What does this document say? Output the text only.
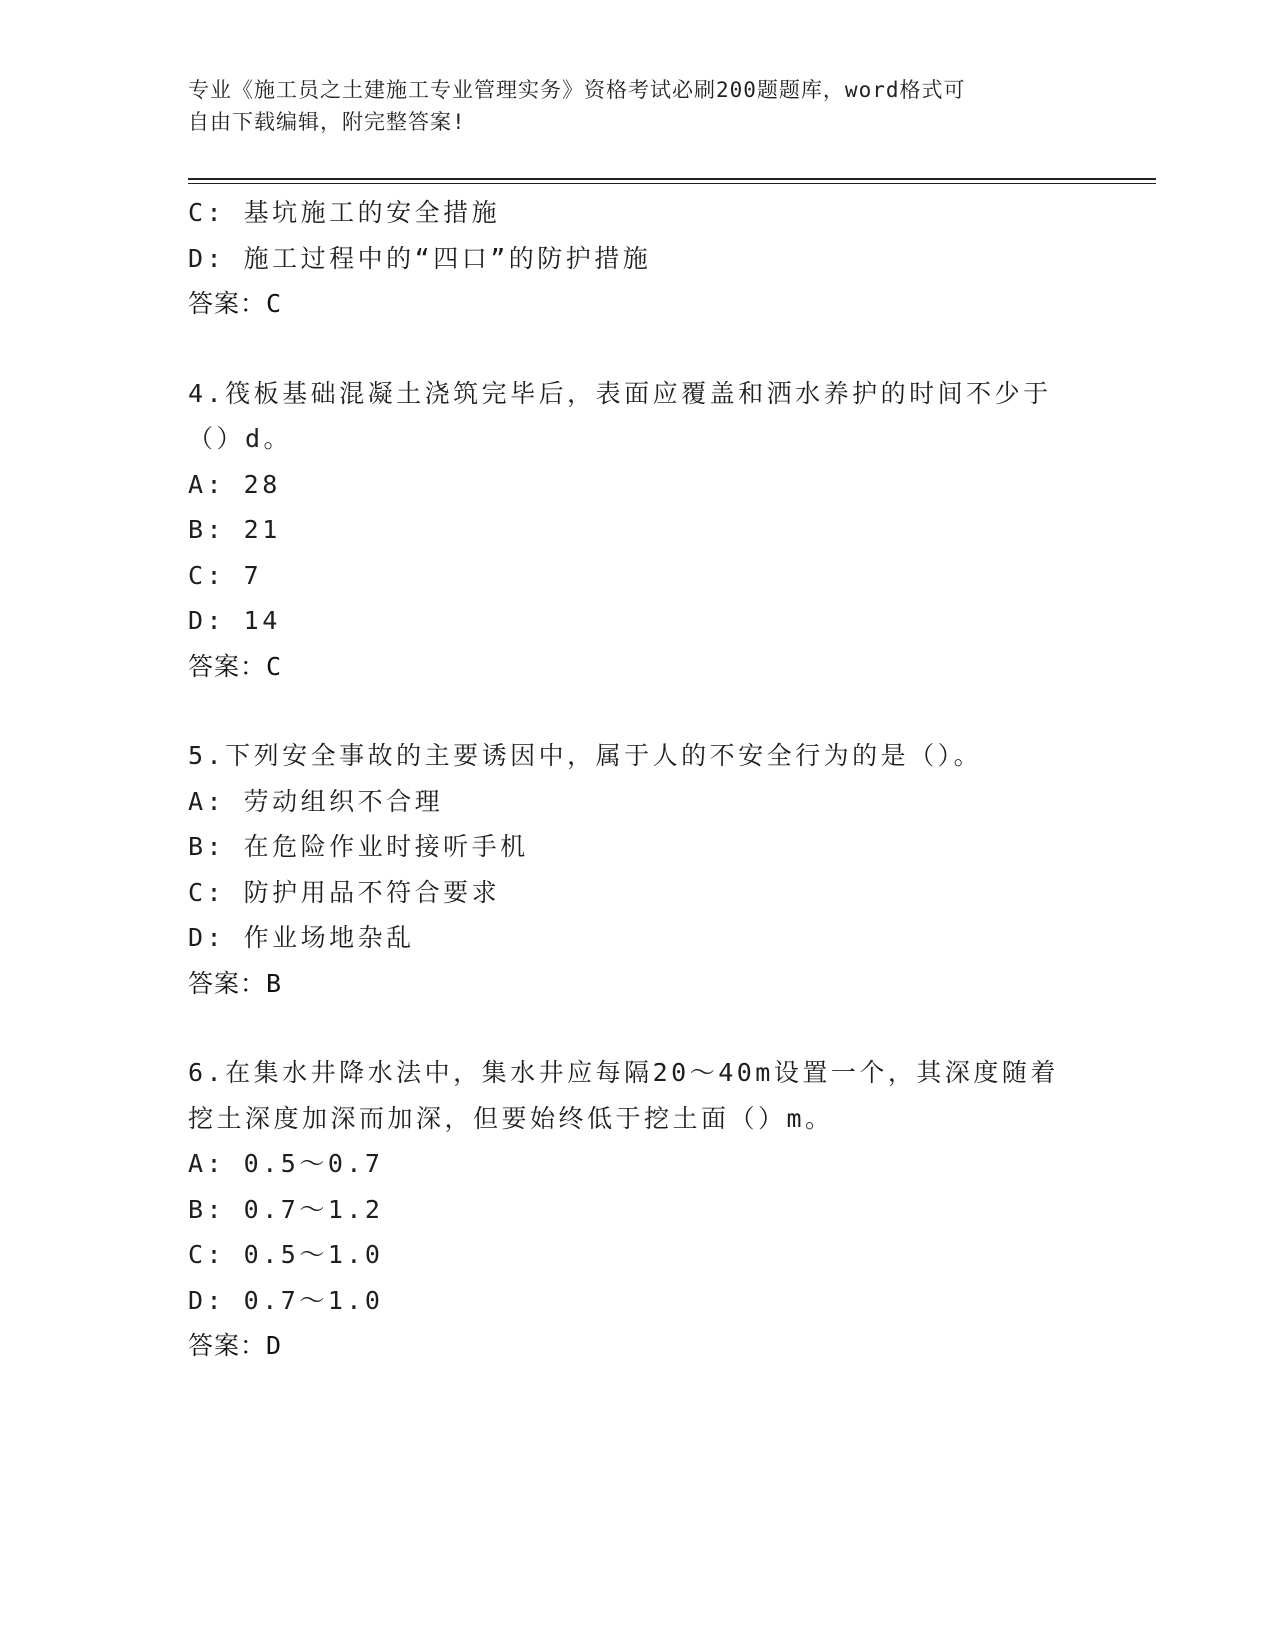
专业《施工员之土建施工专业管理实务》资格考试必刷200题题库，word格式可
自由下载编辑，附完整答案!
C: 基坑施工的安全措施
D: 施工过程中的“四口”的防护措施
答案：C
4.筏板基础混凝土浇筑完毕后，表面应覆盖和洒水养护的时间不少于
（）d。
A: 28
B: 21
C: 7
D: 14
答案：C
5.下列安全事故的主要诱因中，属于人的不安全行为的是（）。
A: 劳动组织不合理
B: 在危险作业时接听手机
C: 防护用品不符合要求
D: 作业场地杂乱
答案：B
6.在集水井降水法中，集水井应每隔20～40m设置一个，其深度随着
挖土深度加深而加深，但要始终低于挖土面（）m。
A: 0.5～0.7
B: 0.7～1.2
C: 0.5～1.0
D: 0.7～1.0
答案：D
